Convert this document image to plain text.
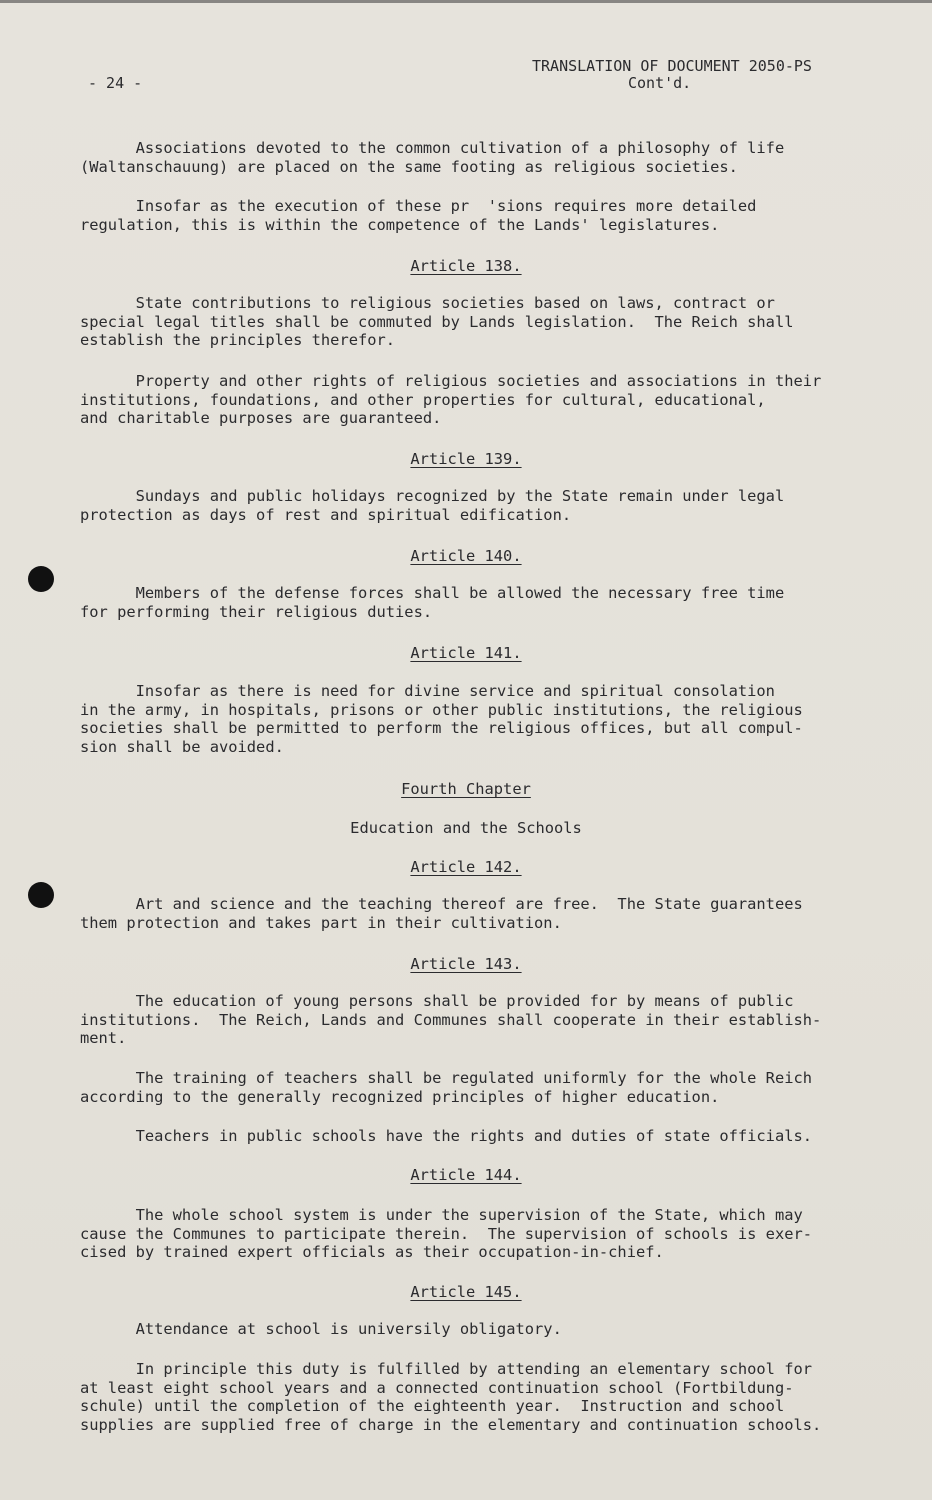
- 24 -
TRANSLATION OF DOCUMENT 2050-PS
Cont'd.
Associations devoted to the common cultivation of a philosophy of life
(Waltanschauung) are placed on the same footing as religious societies.
Insofar as the execution of these pr  'sions requires more detailed
regulation, this is within the competence of the Lands' legislatures.
Article 138.
State contributions to religious societies based on laws, contract or
special legal titles shall be commuted by Lands legislation.  The Reich shall
establish the principles therefor.
Property and other rights of religious societies and associations in their
institutions, foundations, and other properties for cultural, educational,
and charitable purposes are guaranteed.
Article 139.
Sundays and public holidays recognized by the State remain under legal
protection as days of rest and spiritual edification.
Article 140.
Members of the defense forces shall be allowed the necessary free time
for performing their religious duties.
Article 141.
Insofar as there is need for divine service and spiritual consolation
in the army, in hospitals, prisons or other public institutions, the religious
societies shall be permitted to perform the religious offices, but all compul-
sion shall be avoided.
Fourth Chapter
Education and the Schools
Article 142.
Art and science and the teaching thereof are free.  The State guarantees
them protection and takes part in their cultivation.
Article 143.
The education of young persons shall be provided for by means of public
institutions.  The Reich, Lands and Communes shall cooperate in their establish-
ment.
The training of teachers shall be regulated uniformly for the whole Reich
according to the generally recognized principles of higher education.
Teachers in public schools have the rights and duties of state officials.
Article 144.
The whole school system is under the supervision of the State, which may
cause the Communes to participate therein.  The supervision of schools is exer-
cised by trained expert officials as their occupation-in-chief.
Article 145.
Attendance at school is universily obligatory.
In principle this duty is fulfilled by attending an elementary school for
at least eight school years and a connected continuation school (Fortbildung-
schule) until the completion of the eighteenth year.  Instruction and school
supplies are supplied free of charge in the elementary and continuation schools.
